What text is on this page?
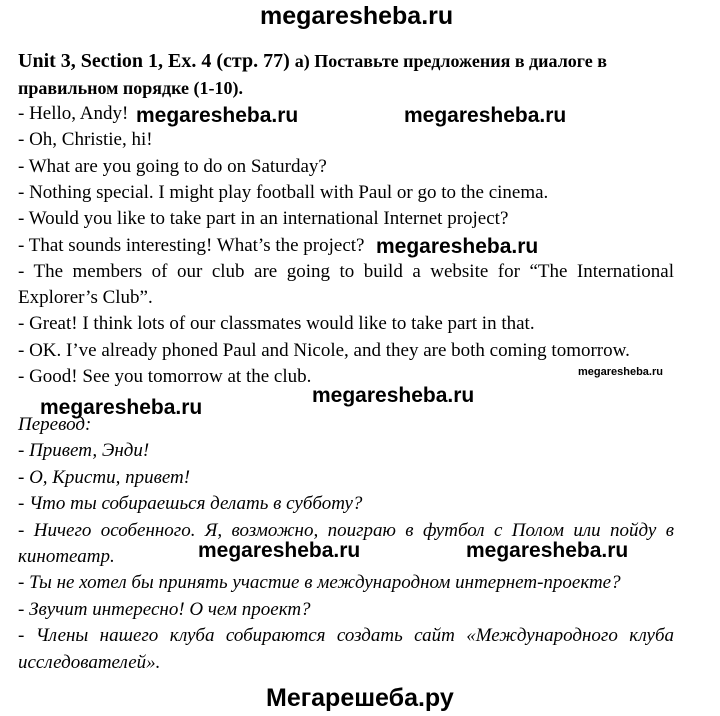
megaresheba.ru
megaresheba.ru	megaresheba.ru
megaresheba.ru
megaresheba.ru
megaresheba.ru
megaresheba.ru
megaresheba.ru	megaresheba.ru
Мегарешеба.ру
Unit 3, Section 1, Ex. 4 (стр. 77) а) Поставьте предложения в диалоге в
правильном порядке (1-10).
- Hello, Andy!
- Oh, Christie, hi!
- What are you going to do on Saturday?
- Nothing special. I might play football with Paul or go to the cinema.
- Would you like to take part in an international Internet project?
- That sounds interesting! What’s the project?
- The members of our club are going to build a website for “The International
Explorer’s Club”.
- Great! I think lots of our classmates would like to take part in that.
- OK. I’ve already phoned Paul and Nicole, and they are both coming tomorrow.
- Good! See you tomorrow at the club.
Перевод:
- Привет, Энди!
- О, Кристи, привет!
- Что ты собираешься делать в субботу?
- Ничего особенного. Я, возможно, поиграю в футбол с Полом или пойду в
кинотеатр.
- Ты не хотел бы принять участие в международном интернет-проекте?
- Звучит интересно! О чем проект?
- Члены нашего клуба собираются создать сайт «Международного клуба
исследователей».
